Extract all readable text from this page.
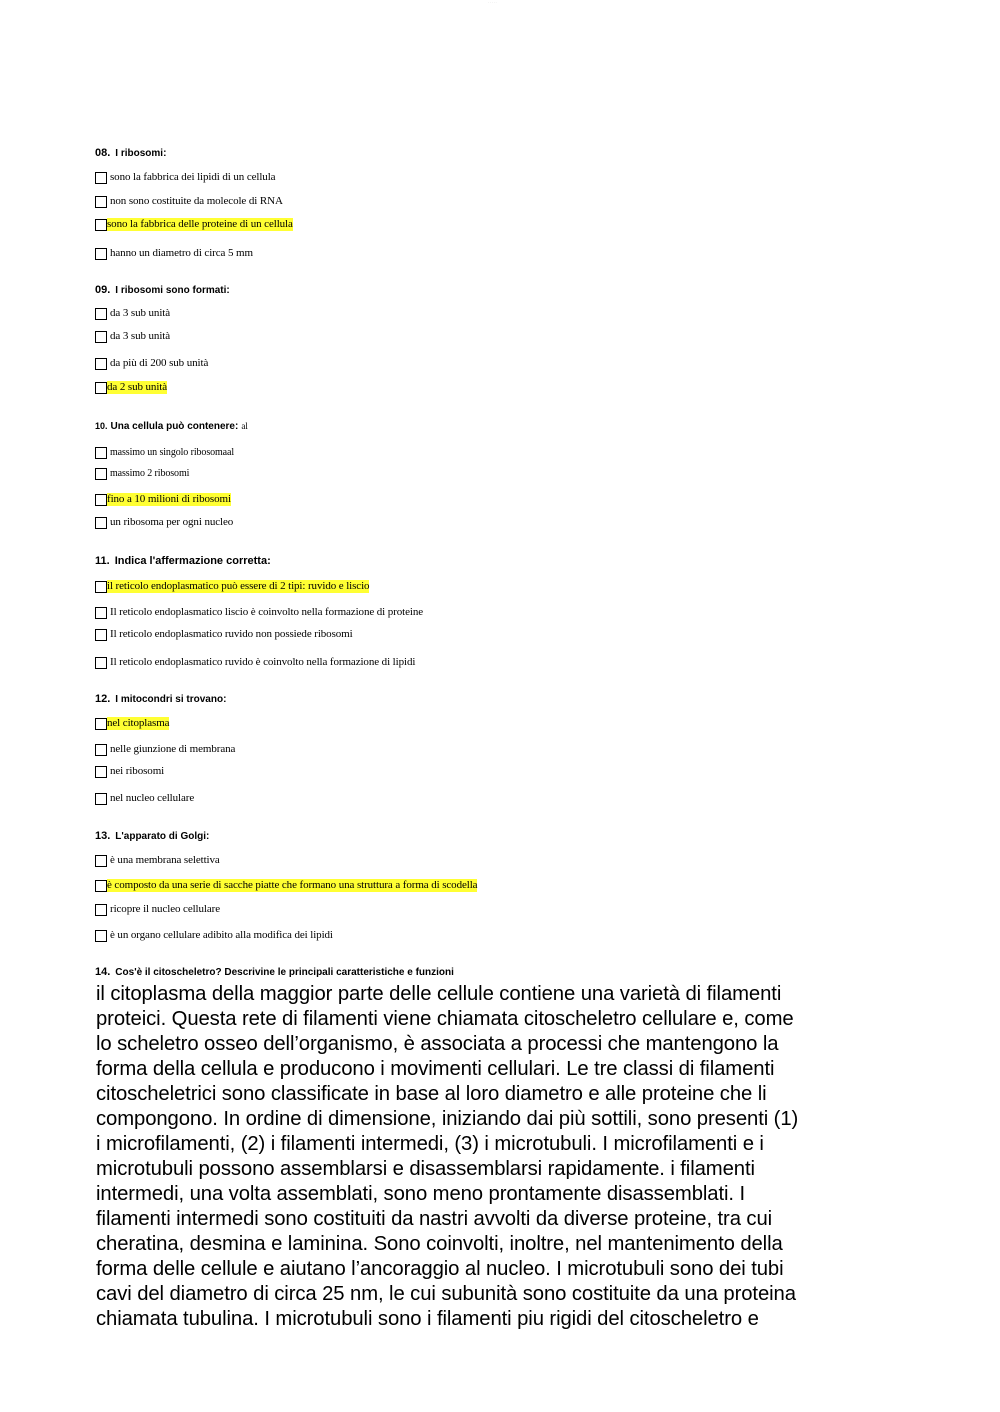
· · · · ·
08. I ribosomi:
sono la fabbrica dei lipidi di un cellula
non sono costituite da molecole di RNA
sono la fabbrica delle proteine di un cellula
hanno un diametro di circa 5 mm
09. I ribosomi sono formati:
da 3 sub unità
da 3 sub unità
da più di 200 sub unità
da 2 sub unità
10. Una cellula può contenere: al
massimo un singolo ribosomaal
massimo 2 ribosomi
fino a 10 milioni di ribosomi
un ribosoma per ogni nucleo
11. Indica l'affermazione corretta:
il reticolo endoplasmatico può essere di 2 tipi: ruvido e liscio
Il reticolo endoplasmatico liscio è coinvolto nella formazione di proteine
Il reticolo endoplasmatico ruvido non possiede ribosomi
Il reticolo endoplasmatico ruvido è coinvolto nella formazione di lipidi
12. I mitocondri si trovano:
nel citoplasma
nelle giunzione di membrana
nei ribosomi
nel nucleo cellulare
13. L'apparato di Golgi:
è una membrana selettiva
è composto da una serie di sacche piatte che formano una struttura a forma di scodella
ricopre il nucleo cellulare
è un organo cellulare adibito alla modifica dei lipidi
14. Cos'è il citoscheletro? Descrivine le principali caratteristiche e funzioni
il citoplasma della maggior parte delle cellule contiene una varietà di filamenti
proteici. Questa rete di filamenti viene chiamata citoscheletro cellulare e, come
lo scheletro osseo dell’organismo, è associata a processi che mantengono la
forma della cellula e producono i movimenti cellulari. Le tre classi di filamenti
citoscheletrici sono classificate in base al loro diametro e alle proteine che li
compongono. In ordine di dimensione, iniziando dai più sottili, sono presenti (1)
i microfilamenti, (2) i filamenti intermedi, (3) i microtubuli. I microfilamenti e i
microtubuli possono assemblarsi e disassemblarsi rapidamente. i filamenti
intermedi, una volta assemblati, sono meno prontamente disassemblati. I
filamenti intermedi sono costituiti da nastri avvolti da diverse proteine, tra cui
cheratina, desmina e laminina. Sono coinvolti, inoltre, nel mantenimento della
forma delle cellule e aiutano l’ancoraggio al nucleo. I microtubuli sono dei tubi
cavi del diametro di circa 25 nm, le cui subunità sono costituite da una proteina
chiamata tubulina. I microtubuli sono i filamenti piu rigidi del citoscheletro e
